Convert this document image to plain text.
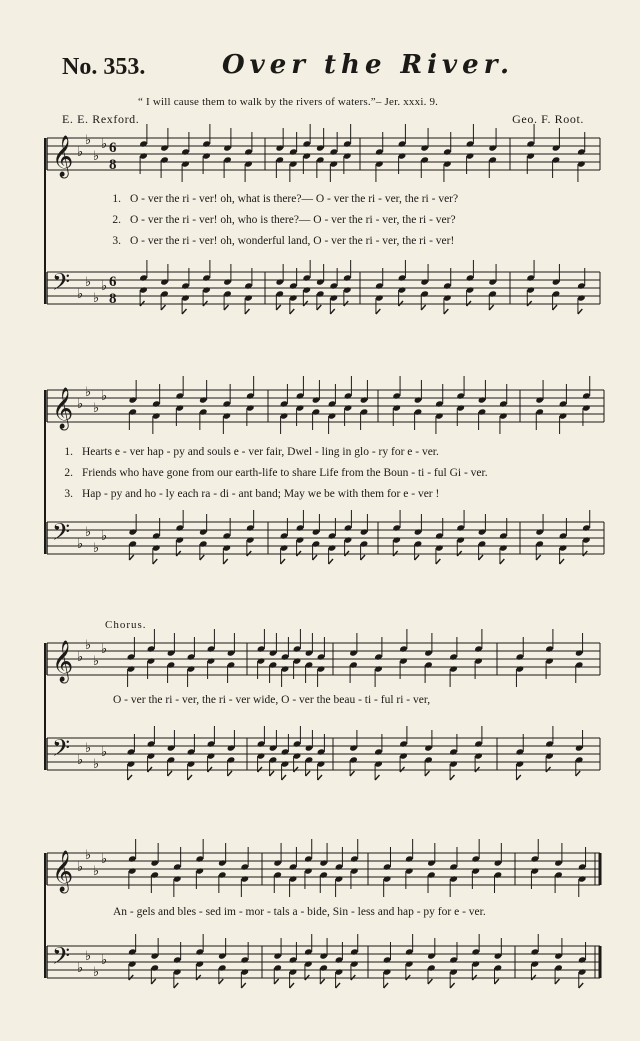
No. 353.	Over the River.
“ I will cause them to walk by the rivers of waters.”– Jer. xxxi. 9.
E. E. Rexford.	Geo. F. Root.
𝄞 ♭
♭
♭
♭ 6
8
𝄢 ♭
♭
♭
♭ 6
8
𝄞 ♭
♭
♭
♭
𝄢 ♭
♭
♭
♭
𝄞 ♭
♭
♭
♭
𝄢 ♭
♭
♭
♭
𝄞 ♭
♭
♭
♭
𝄢 ♭
♭
♭
♭
1. O - ver the ri - ver! oh, what is there?— O - ver the ri - ver, the ri - ver?
2. O - ver the ri - ver! oh, who is there?— O - ver the ri - ver, the ri - ver?
3. O - ver the ri - ver! oh, wonderful land, O - ver the ri - ver, the ri - ver!
1. Hearts e - ver hap - py and souls e - ver fair, Dwel - ling in glo - ry for e - ver.
2. Friends who have gone from our earth-life to share Life from the Boun - ti - ful Gi - ver.
3. Hap - py and ho - ly each ra - di - ant band; May we be with them for e - ver !
Chorus.
O - ver the ri - ver, the ri - ver wide, O - ver the beau - ti - ful ri - ver,
An - gels and bles - sed im - mor - tals a - bide, Sin - less and hap - py for e - ver.
